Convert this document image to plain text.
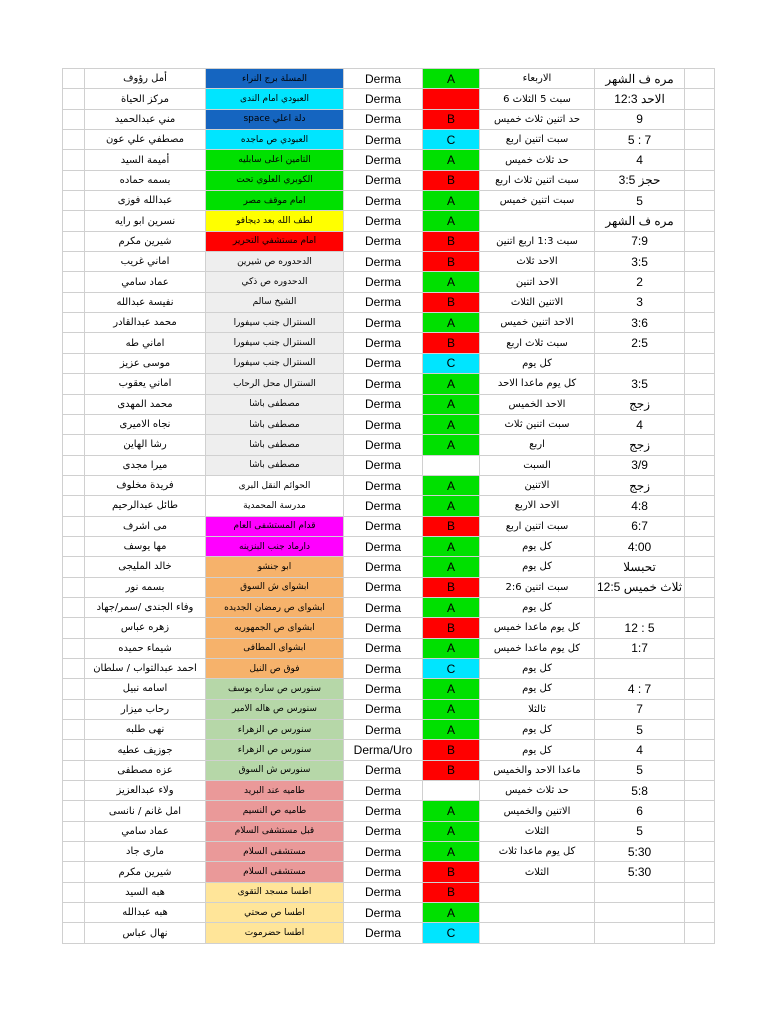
	أمل رؤوف	المسلة برج النراء	Derma	A	الاربعاء	مره ف الشهر	
	مركز الحياة	العبودي امام الندى	Derma		سبت 5 الثلاث 6	الاحد 12:3	
	مني عبدالحميد	space دلة اعلي	Derma	B	حد اتنين ثلاث خميس	9	
	مصطفي علي عون	العبودي ص ماجده	Derma	C	سبت اتنين اربع	5 : 7	
	أميمة السيد	التامين اعلى سابليه	Derma	A	حد ثلاث خميس	4	
	بسمه حماده	الكوبري العلوي تحت	Derma	B	سبت اتنين ثلاث اربع	حجز 3:5	
	عبدالله فوزى	امام موقف مصر	Derma	A	سبت اتنين خميس	5	
	نسرين ابو رايه	لطف الله بعد ديجافو	Derma	A		مره ف الشهر	
	شيرين مكرم	امام مستشفي التحرير	Derma	B	سبت 1:3 اربع اتنين	7:9	
	اماني غريب	الدحدوره ص شيرين	Derma	B	الاحد ثلاث	3:5	
	عماد سامي	الدحدوره ص ذكي	Derma	A	الاحد اتنين	2	
	نفيسة عبدالله	الشيخ سالم	Derma	B	الاتنين الثلاث	3	
	محمد عبدالقادر	السنترال جنب سيفورا	Derma	A	الاحد اتنين خميس	3:6	
	اماني طه	السنترال جنب سيفورا	Derma	B	سبت ثلاث اربع	2:5	
	موسى عزيز	السنترال جنب سيفورا	Derma	C	كل يوم		
	اماني يعقوب	السنترال محل الرحاب	Derma	A	كل يوم ماعدا الاحد	3:5	
	محمد المهدى	مصطفى باشا	Derma	A	الاحد الخميس	زجج	
	نجاه الاميرى	مصطفى باشا	Derma	A	سبت اتنين ثلاث	4	
	رشا الهاين	مصطفى باشا	Derma	A	اربع	زجج	
	ميرا مجدى	مصطفى باشا	Derma		السبت	3/9	
	فريدة مخلوف	الحوائم النقل البرى	Derma	A	الاتنين	زجج	
	طائل عبدالرحيم	مدرسة المحمدية	Derma	A	الاحد الاربع	4:8	
	مى اشرف	قدام المستشفى العام	Derma	B	سبت اتنين اربع	6:7	
	مها يوسف	دارماد جنب البنزينه	Derma	A	كل يوم	4:00	
	خالد المليجى	ابو جنشو	Derma	A	كل يوم	تحبسلا	
	بسمه نور	ابشواى ش السوق	Derma	B	سبت اتنين 2:6	ثلاث خميس 12:5	
	وفاء الجندى /سمر/جهاد	ابشواى ص رمضان الجديده	Derma	A	كل يوم		
	زهره عباس	ابشواى ص الجمهوريه	Derma	B	كل يوم ماعدا خميس	12 : 5	
	شيماء حميده	ابشواى المطافى	Derma	A	كل يوم ماعدا خميس	1:7	
	احمد عبدالتواب / سلطان	فوق ص النيل	Derma	C	كل يوم		
	اسامه نبيل	سنورس ص ساره يوسف	Derma	A	كل يوم	4 : 7	
	رحاب ميزار	سنورس ص هاله الامير	Derma	A	ثالثلا	7	
	نهى طلبه	سنورس ص الزهراء	Derma	A	كل يوم	5	
	جوزيف عطيه	سنورس ص الزهراء	Derma/Uro	B	كل يوم	4	
	عزه مصطفى	سنورس ش السوق	Derma	B	ماعدا الاحد والخميس	5	
	ولاء عبدالعزيز	طاميه عند البريد	Derma		حد ثلاث خميس	5:8	
	امل غانم / نانسى	طاميه ص النسيم	Derma	A	الاتنين والخميس	6	
	عماد سامي	قبل مستشفى السلام	Derma	A	الثلاث	5	
	مارى جاد	مستشفى السلام	Derma	A	كل يوم ماعدا ثلاث	5:30	
	شيرين مكرم	مستشفى السلام	Derma	B	الثلاث	5:30	
	هبه السيد	اطسا مسجد التقوى	Derma	B			
	هبه عبدالله	اطسا ص صحتي	Derma	A			
	نهال عباس	اطسا حضرموت	Derma	C			
